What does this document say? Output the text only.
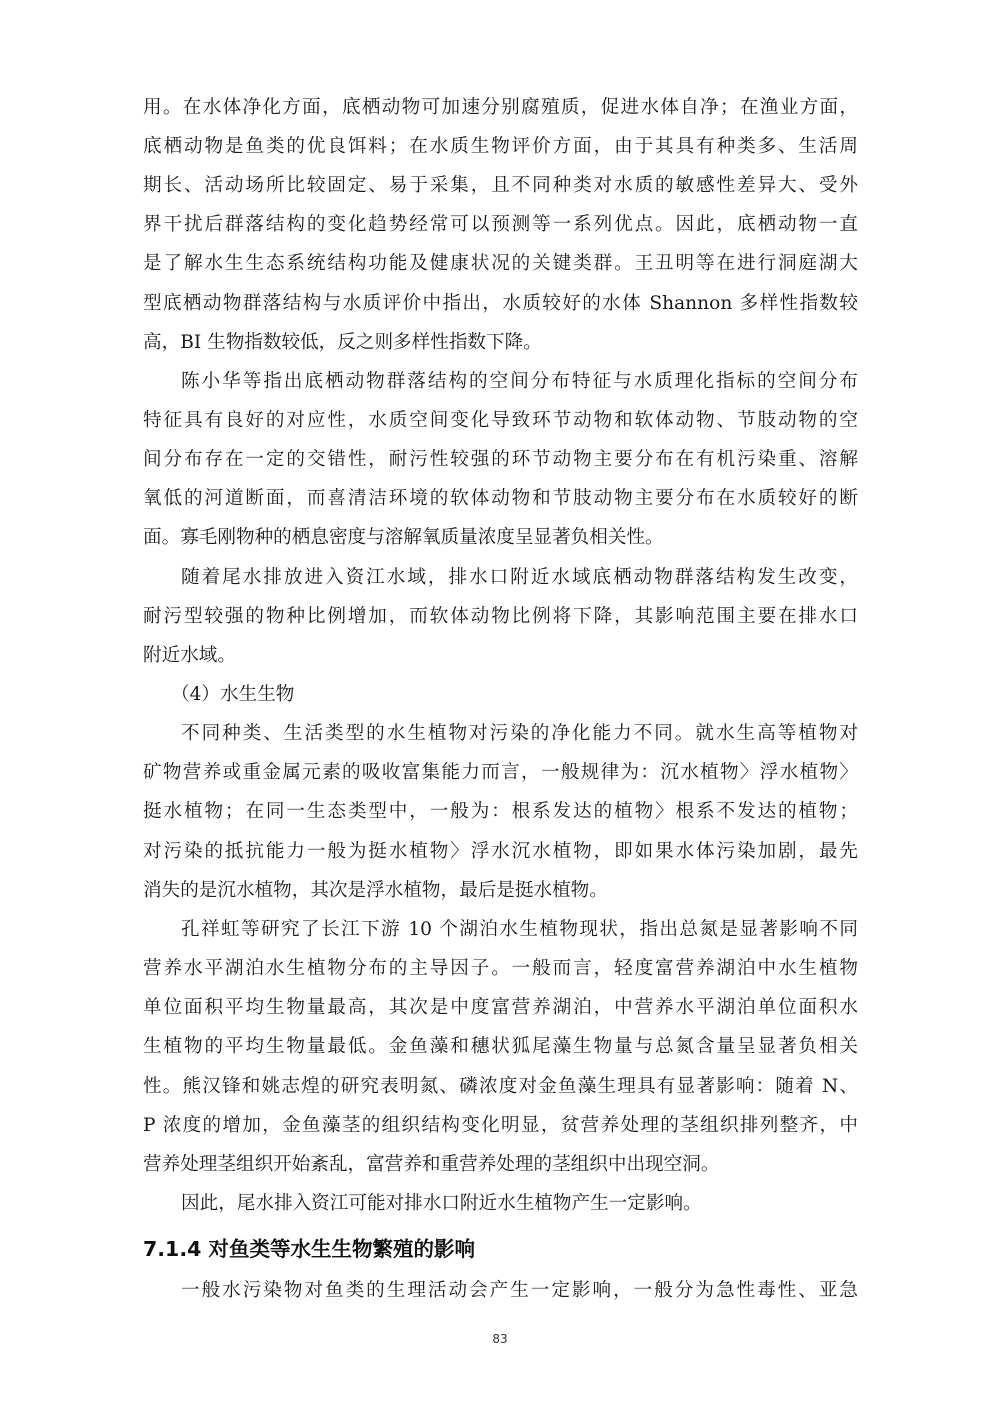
用。在水体净化方面，底栖动物可加速分别腐殖质，促进水体自净；在渔业方面，
底栖动物是鱼类的优良饵料；在水质生物评价方面，由于其具有种类多、生活周
期长、活动场所比较固定、易于采集，且不同种类对水质的敏感性差异大、受外
界干扰后群落结构的变化趋势经常可以预测等一系列优点。因此，底栖动物一直
是了解水生生态系统结构功能及健康状况的关键类群。王丑明等在进行洞庭湖大
型底栖动物群落结构与水质评价中指出，水质较好的水体 Shannon 多样性指数较
高，BI 生物指数较低，反之则多样性指数下降。
陈小华等指出底栖动物群落结构的空间分布特征与水质理化指标的空间分布
特征具有良好的对应性，水质空间变化导致环节动物和软体动物、节肢动物的空
间分布存在一定的交错性，耐污性较强的环节动物主要分布在有机污染重、溶解
氧低的河道断面，而喜清洁环境的软体动物和节肢动物主要分布在水质较好的断
面。寡毛刚物种的栖息密度与溶解氧质量浓度呈显著负相关性。
随着尾水排放进入资江水域，排水口附近水域底栖动物群落结构发生改变，
耐污型较强的物种比例增加，而软体动物比例将下降，其影响范围主要在排水口
附近水域。
（4）水生生物
不同种类、生活类型的水生植物对污染的净化能力不同。就水生高等植物对
矿物营养或重金属元素的吸收富集能力而言，一般规律为：沉水植物〉浮水植物〉
挺水植物；在同一生态类型中，一般为：根系发达的植物〉根系不发达的植物；
对污染的抵抗能力一般为挺水植物〉浮水沉水植物，即如果水体污染加剧，最先
消失的是沉水植物，其次是浮水植物，最后是挺水植物。
孔祥虹等研究了长江下游 10 个湖泊水生植物现状，指出总氮是显著影响不同
营养水平湖泊水生植物分布的主导因子。一般而言，轻度富营养湖泊中水生植物
单位面积平均生物量最高，其次是中度富营养湖泊，中营养水平湖泊单位面积水
生植物的平均生物量最低。金鱼藻和穗状狐尾藻生物量与总氮含量呈显著负相关
性。熊汉锋和姚志煌的研究表明氮、磷浓度对金鱼藻生理具有显著影响：随着 N、
P 浓度的增加，金鱼藻茎的组织结构变化明显，贫营养处理的茎组织排列整齐，中
营养处理茎组织开始紊乱，富营养和重营养处理的茎组织中出现空洞。
因此，尾水排入资江可能对排水口附近水生植物产生一定影响。
7.1.4 对鱼类等水生生物繁殖的影响
一般水污染物对鱼类的生理活动会产生一定影响，一般分为急性毒性、亚急
83
